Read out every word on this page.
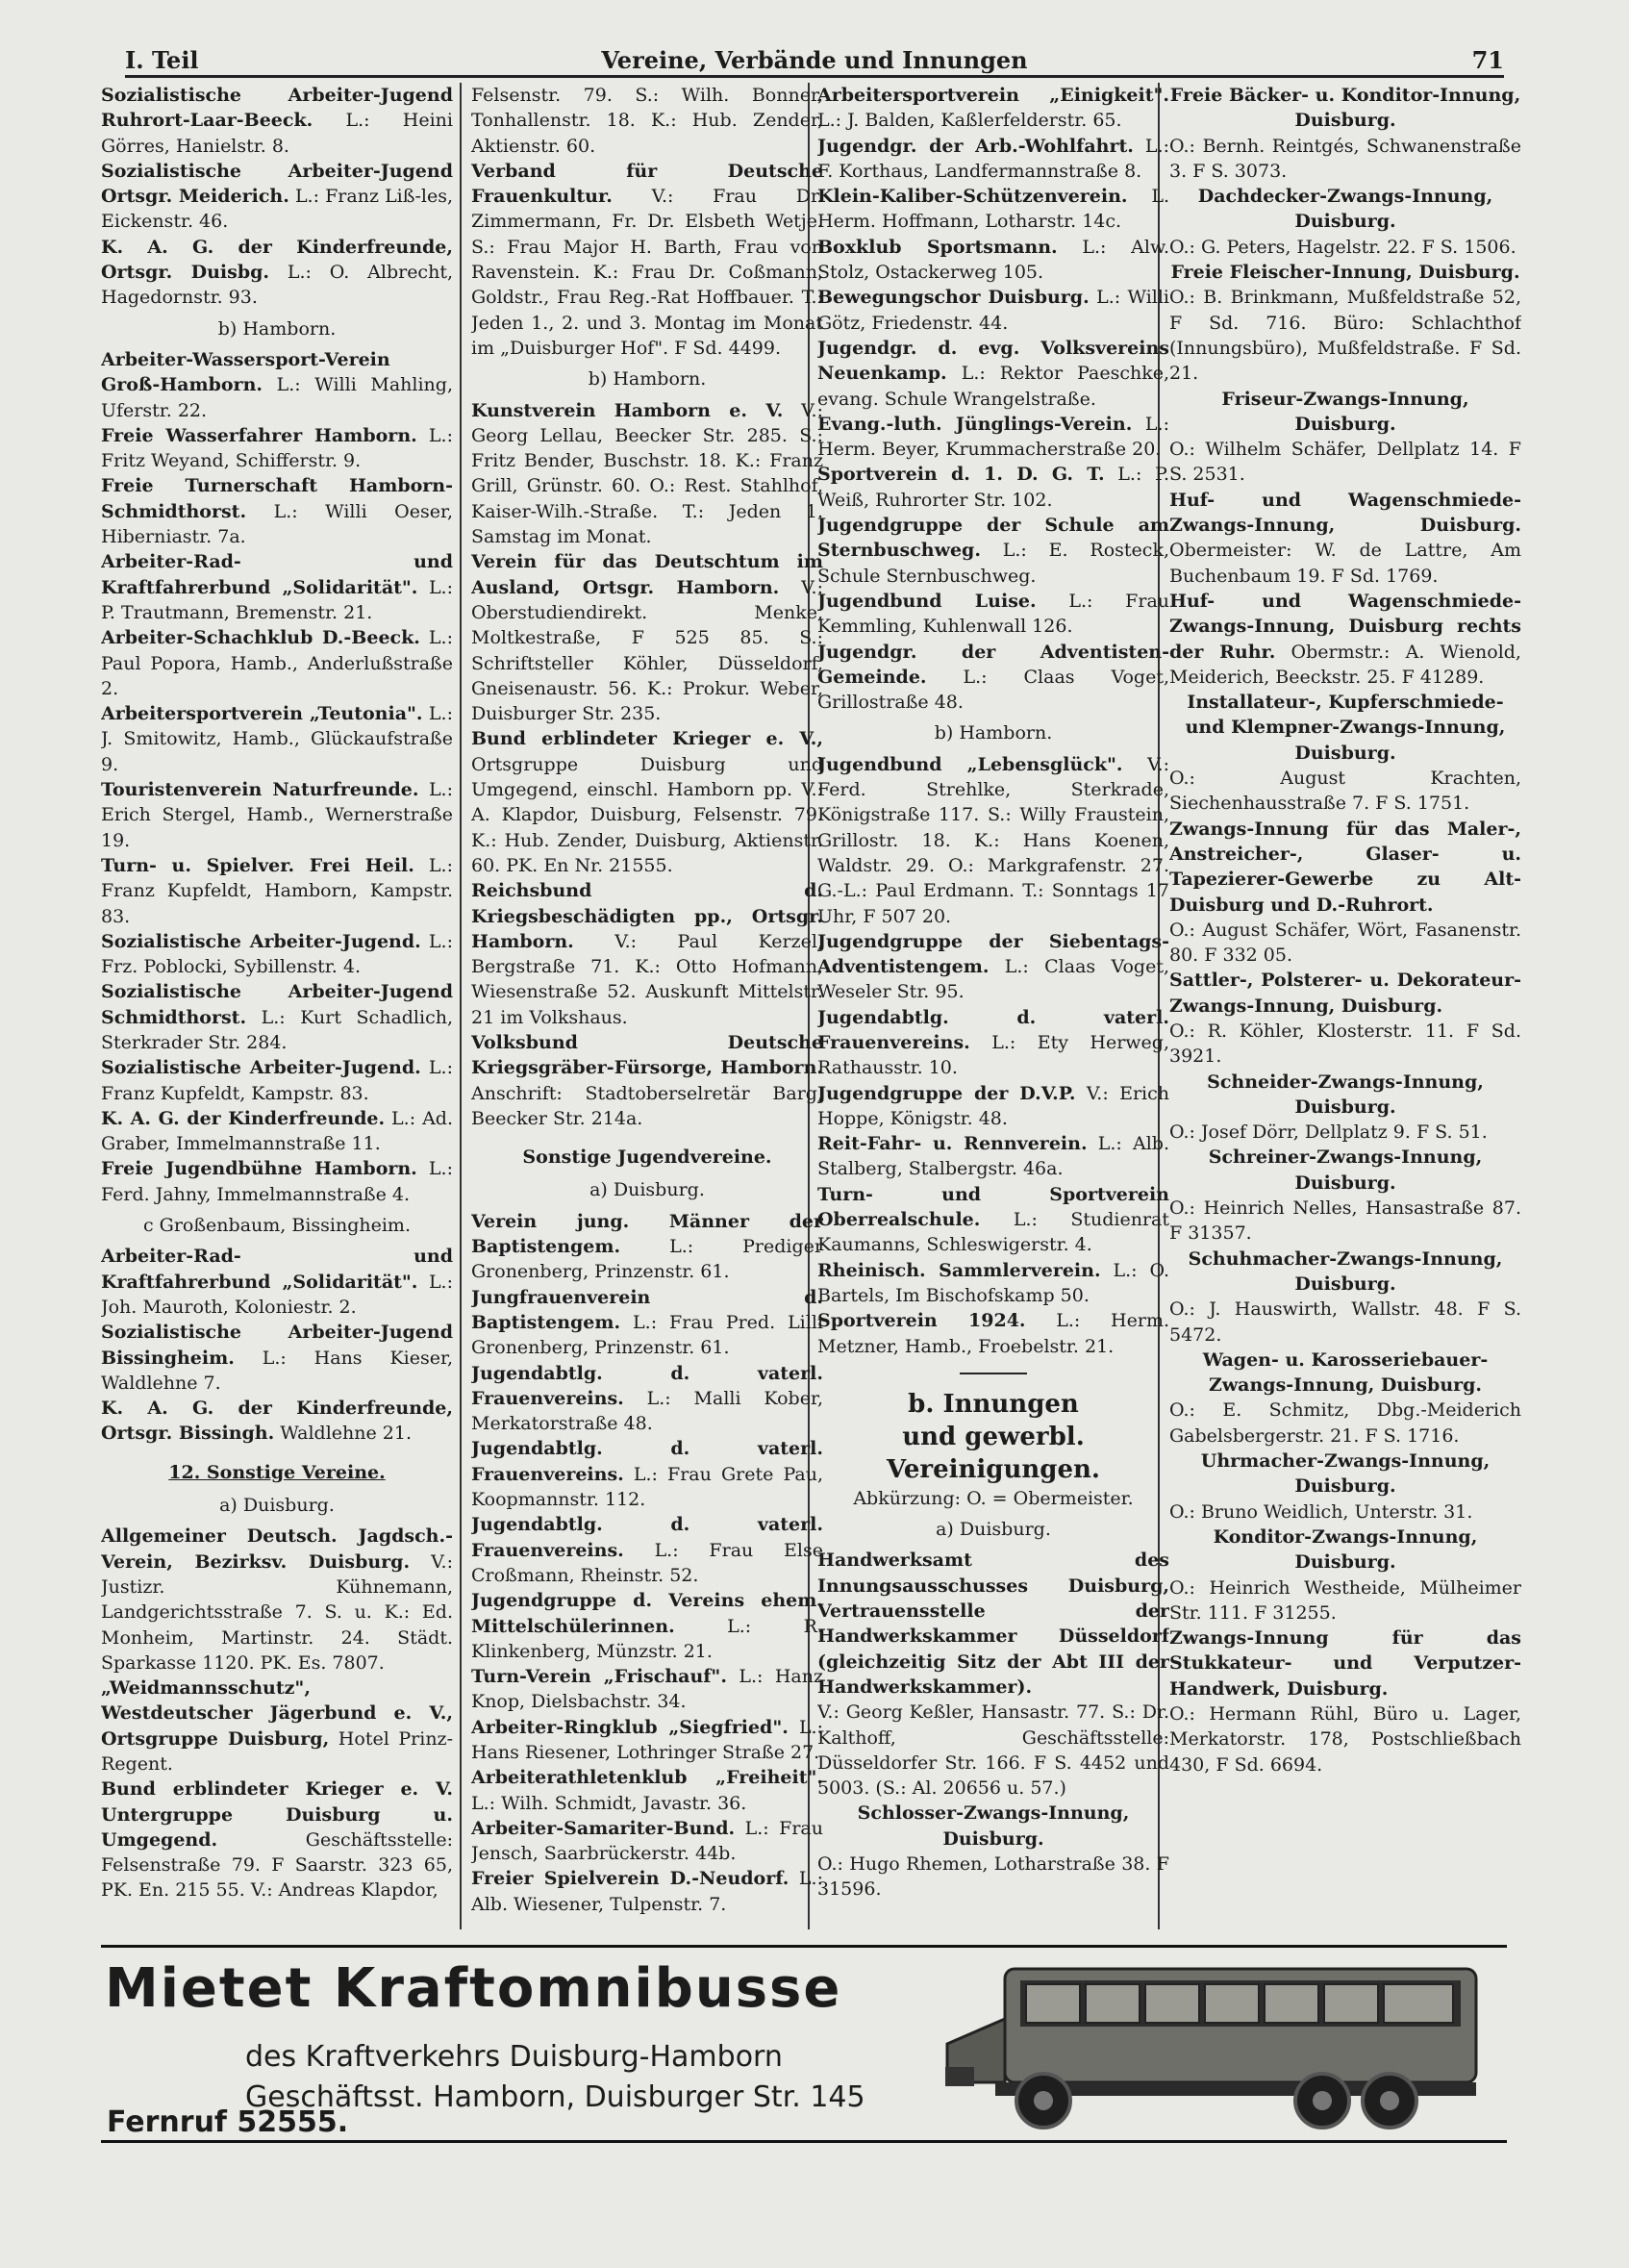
I. Teil	Vereine, Verbände und Innungen	71

Sozialistische Arbeiter-Jugend Ruhrort-Laar-Beeck. L.: Heini Görres, Hanielstr. 8.

Sozialistische Arbeiter-Jugend Ortsgr. Meiderich. L.: Franz Liß-les, Eickenstr. 46.

K. A. G. der Kinderfreunde, Ortsgr. Duisbg. L.: O. Albrecht, Hagedornstr. 93.

b) Hamborn.

Arbeiter-Wassersport-Verein Groß-Hamborn. L.: Willi Mahling, Uferstr. 22.

Freie Wasserfahrer Hamborn. L.: Fritz Weyand, Schifferstr. 9.

Freie Turnerschaft Hamborn-Schmidthorst. L.: Willi Oeser, Hiberniastr. 7a.

Arbeiter-Rad- und Kraftfahrerbund „Solidarität". L.: P. Trautmann, Bremenstr. 21.

Arbeiter-Schachklub D.-Beeck. L.: Paul Popora, Hamb., Anderlußstraße 2.

Arbeitersportverein „Teutonia". L.: J. Smitowitz, Hamb., Glückaufstraße 9.

Touristenverein Naturfreunde. L.: Erich Stergel, Hamb., Wernerstraße 19.

Turn- u. Spielver. Frei Heil. L.: Franz Kupfeldt, Hamborn, Kampstr. 83.

Sozialistische Arbeiter-Jugend. L.: Frz. Poblocki, Sybillenstr. 4.

Sozialistische Arbeiter-Jugend Schmidthorst. L.: Kurt Schadlich, Sterkrader Str. 284.

Sozialistische Arbeiter-Jugend. L.: Franz Kupfeldt, Kampstr. 83.

K. A. G. der Kinderfreunde. L.: Ad. Graber, Immelmannstraße 11.

Freie Jugendbühne Hamborn. L.: Ferd. Jahny, Immelmannstraße 4.

c Großenbaum, Bissingheim.

Arbeiter-Rad- und Kraftfahrerbund „Solidarität". L.: Joh. Mauroth, Koloniestr. 2.

Sozialistische Arbeiter-Jugend Bissingheim. L.: Hans Kieser, Waldlehne 7.

K. A. G. der Kinderfreunde, Ortsgr. Bissingh. Waldlehne 21.

12. Sonstige Vereine.
a) Duisburg.

Allgemeiner Deutsch. Jagdsch.-Verein, Bezirksv. Duisburg. V.: Justizr. Kühnemann, Landgerichtsstraße 7. S. u. K.: Ed. Monheim, Martinstr. 24. Städt. Sparkasse 1120. PK. Es. 7807.

„Weidmannsschutz", Westdeutscher Jägerbund e. V., Ortsgruppe Duisburg, Hotel Prinz-Regent.

Bund erblindeter Krieger e. V. Untergruppe Duisburg u. Umgegend. Geschäftsstelle: Felsenstraße 79. F Saarstr. 323 65, PK. En. 215 55. V.: Andreas Klapdor,

Felsenstr. 79. S.: Wilh. Bonner, Tonhallenstr. 18. K.: Hub. Zender, Aktienstr. 60.

Verband für Deutsche Frauenkultur. V.: Frau Dr. Zimmermann, Fr. Dr. Elsbeth Wetje. S.: Frau Major H. Barth, Frau von Ravenstein. K.: Frau Dr. Coßmann, Goldstr., Frau Reg.-Rat Hoffbauer. T.: Jeden 1., 2. und 3. Montag im Monat im „Duisburger Hof". F Sd. 4499.

b) Hamborn.

Kunstverein Hamborn e. V. V.: Georg Lellau, Beecker Str. 285. S.: Fritz Bender, Buschstr. 18. K.: Franz Grill, Grünstr. 60. O.: Rest. Stahlhof, Kaiser-Wilh.-Straße. T.: Jeden 1. Samstag im Monat.

Verein für das Deutschtum im Ausland, Ortsgr. Hamborn. V.: Oberstudiendirekt. Menke, Moltkestraße, F 525 85. S.: Schriftsteller Köhler, Düsseldorf, Gneisenaustr. 56. K.: Prokur. Weber, Duisburger Str. 235.

Bund erblindeter Krieger e. V., Ortsgruppe Duisburg und Umgegend, einschl. Hamborn pp. V.: A. Klapdor, Duisburg, Felsenstr. 79. K.: Hub. Zender, Duisburg, Aktienstr. 60. PK. En Nr. 21555.

Reichsbund d. Kriegsbeschädigten pp., Ortsgr. Hamborn. V.: Paul Kerzel, Bergstraße 71. K.: Otto Hofmann, Wiesenstraße 52. Auskunft Mittelstr. 21 im Volkshaus.

Volksbund Deutsche Kriegsgräber-Fürsorge, Hamborn. Anschrift: Stadtoberselretär Barg, Beecker Str. 214a.

Sonstige Jugendvereine.
a) Duisburg.

Verein jung. Männer der Baptistengem. L.: Prediger Gronenberg, Prinzenstr. 61.

Jungfrauenverein d. Baptistengem. L.: Frau Pred. Lilli Gronenberg, Prinzenstr. 61.

Jugendabtlg. d. vaterl. Frauenvereins. L.: Malli Kober, Merkatorstraße 48.

Jugendabtlg. d. vaterl. Frauenvereins. L.: Frau Grete Pau, Koopmannstr. 112.

Jugendabtlg. d. vaterl. Frauenvereins. L.: Frau Else Croßmann, Rheinstr. 52.

Jugendgruppe d. Vereins ehem. Mittelschülerinnen. L.: R. Klinkenberg, Münzstr. 21.

Turn-Verein „Frischauf". L.: Hanz Knop, Dielsbachstr. 34.

Arbeiter-Ringklub „Siegfried". L.: Hans Riesener, Lothringer Straße 27.

Arbeiterathletenklub „Freiheit". L.: Wilh. Schmidt, Javastr. 36.

Arbeiter-Samariter-Bund. L.: Frau Jensch, Saarbrückerstr. 44b.

Freier Spielverein D.-Neudorf. L.: Alb. Wiesener, Tulpenstr. 7.

Arbeitersportverein „Einigkeit". L.: J. Balden, Kaßlerfelderstr. 65.

Jugendgr. der Arb.-Wohlfahrt. L.: F. Korthaus, Landfermannstraße 8.

Klein-Kaliber-Schützenverein. L. Herm. Hoffmann, Lotharstr. 14c.

Boxklub Sportsmann. L.: Alw. Stolz, Ostackerweg 105.

Bewegungschor Duisburg. L.: Willi Götz, Friedenstr. 44.

Jugendgr. d. evg. Volksvereins Neuenkamp. L.: Rektor Paeschke, evang. Schule Wrangelstraße.

Evang.-luth. Jünglings-Verein. L.: Herm. Beyer, Krummacherstraße 20.

Sportverein d. 1. D. G. T. L.: P. Weiß, Ruhrorter Str. 102.

Jugendgruppe der Schule am Sternbuschweg. L.: E. Rosteck, Schule Sternbuschweg.

Jugendbund Luise. L.: Frau Kemmling, Kuhlenwall 126.

Jugendgr. der Adventisten-Gemeinde. L.: Claas Voget, Grillostraße 48.

b) Hamborn.

Jugendbund „Lebensglück". V.: Ferd. Strehlke, Sterkrade, Königstraße 117. S.: Willy Fraustein, Grillostr. 18. K.: Hans Koenen, Waldstr. 29. O.: Markgrafenstr. 27. G.-L.: Paul Erdmann. T.: Sonntags 17 Uhr, F 507 20.

Jugendgruppe der Siebentags-Adventistengem. L.: Claas Voget, Weseler Str. 95.

Jugendabtlg. d. vaterl. Frauenvereins. L.: Ety Herweg, Rathausstr. 10.

Jugendgruppe der D.V.P. V.: Erich Hoppe, Königstr. 48.

Reit-Fahr- u. Rennverein. L.: Alb. Stalberg, Stalbergstr. 46a.

Turn- und Sportverein Oberrealschule. L.: Studienrat Kaumanns, Schleswigerstr. 4.

Rheinisch. Sammlerverein. L.: O. Bartels, Im Bischofskamp 50.

Sportverein 1924. L.: Herm. Metzner, Hamb., Froebelstr. 21.

b. Innungen
und gewerbl. Vereinigungen.
Abkürzung: O. = Obermeister.
a) Duisburg.

Handwerksamt des Innungsausschusses Duisburg, Vertrauensstelle der Handwerkskammer Düsseldorf (gleichzeitig Sitz der Abt III der Handwerkskammer).

V.: Georg Keßler, Hansastr. 77. S.: Dr. Kalthoff, Geschäftsstelle: Düsseldorfer Str. 166. F S. 4452 und 5003. (S.: Al. 20656 u. 57.)

Schlosser-Zwangs-Innung, Duisburg.

O.: Hugo Rhemen, Lotharstraße 38. F 31596.

Freie Bäcker- u. Konditor-Innung, Duisburg.

O.: Bernh. Reintgés, Schwanenstraße 3. F S. 3073.

Dachdecker-Zwangs-Innung, Duisburg.

O.: G. Peters, Hagelstr. 22. F S. 1506.

Freie Fleischer-Innung, Duisburg.

O.: B. Brinkmann, Mußfeldstraße 52, F Sd. 716. Büro: Schlachthof (Innungsbüro), Mußfeldstraße. F Sd. 21.

Friseur-Zwangs-Innung, Duisburg.

O.: Wilhelm Schäfer, Dellplatz 14. F S. 2531.

Huf- und Wagenschmiede-Zwangs-Innung, Duisburg. Obermeister: W. de Lattre, Am Buchenbaum 19. F Sd. 1769.

Huf- und Wagenschmiede-Zwangs-Innung, Duisburg rechts der Ruhr. Obermstr.: A. Wienold, Meiderich, Beeckstr. 25. F 41289.

Installateur-, Kupferschmiede- und Klempner-Zwangs-Innung, Duisburg.

O.: August Krachten, Siechenhausstraße 7. F S. 1751.

Zwangs-Innung für das Maler-, Anstreicher-, Glaser- u. Tapezierer-Gewerbe zu Alt-Duisburg und D.-Ruhrort.

O.: August Schäfer, Wört, Fasanenstr. 80. F 332 05.

Sattler-, Polsterer- u. Dekorateur-Zwangs-Innung, Duisburg.

O.: R. Köhler, Klosterstr. 11. F Sd. 3921.

Schneider-Zwangs-Innung, Duisburg.

O.: Josef Dörr, Dellplatz 9. F S. 51.

Schreiner-Zwangs-Innung, Duisburg.

O.: Heinrich Nelles, Hansastraße 87. F 31357.

Schuhmacher-Zwangs-Innung, Duisburg.

O.: J. Hauswirth, Wallstr. 48. F S. 5472.

Wagen- u. Karosseriebauer-Zwangs-Innung, Duisburg.

O.: E. Schmitz, Dbg.-Meiderich Gabelsbergerstr. 21. F S. 1716.

Uhrmacher-Zwangs-Innung, Duisburg.

O.: Bruno Weidlich, Unterstr. 31.

Konditor-Zwangs-Innung, Duisburg.

O.: Heinrich Westheide, Mülheimer Str. 111. F 31255.

Zwangs-Innung für das Stukkateur- und Verputzer-Handwerk, Duisburg.

O.: Hermann Rühl, Büro u. Lager, Merkatorstr. 178, Postschließbach 430, F Sd. 6694.

Mietet Kraftomnibusse
des Kraftverkehrs Duisburg-Hamborn
Geschäftsst. Hamborn, Duisburger Str. 145
Fernruf 52555.
